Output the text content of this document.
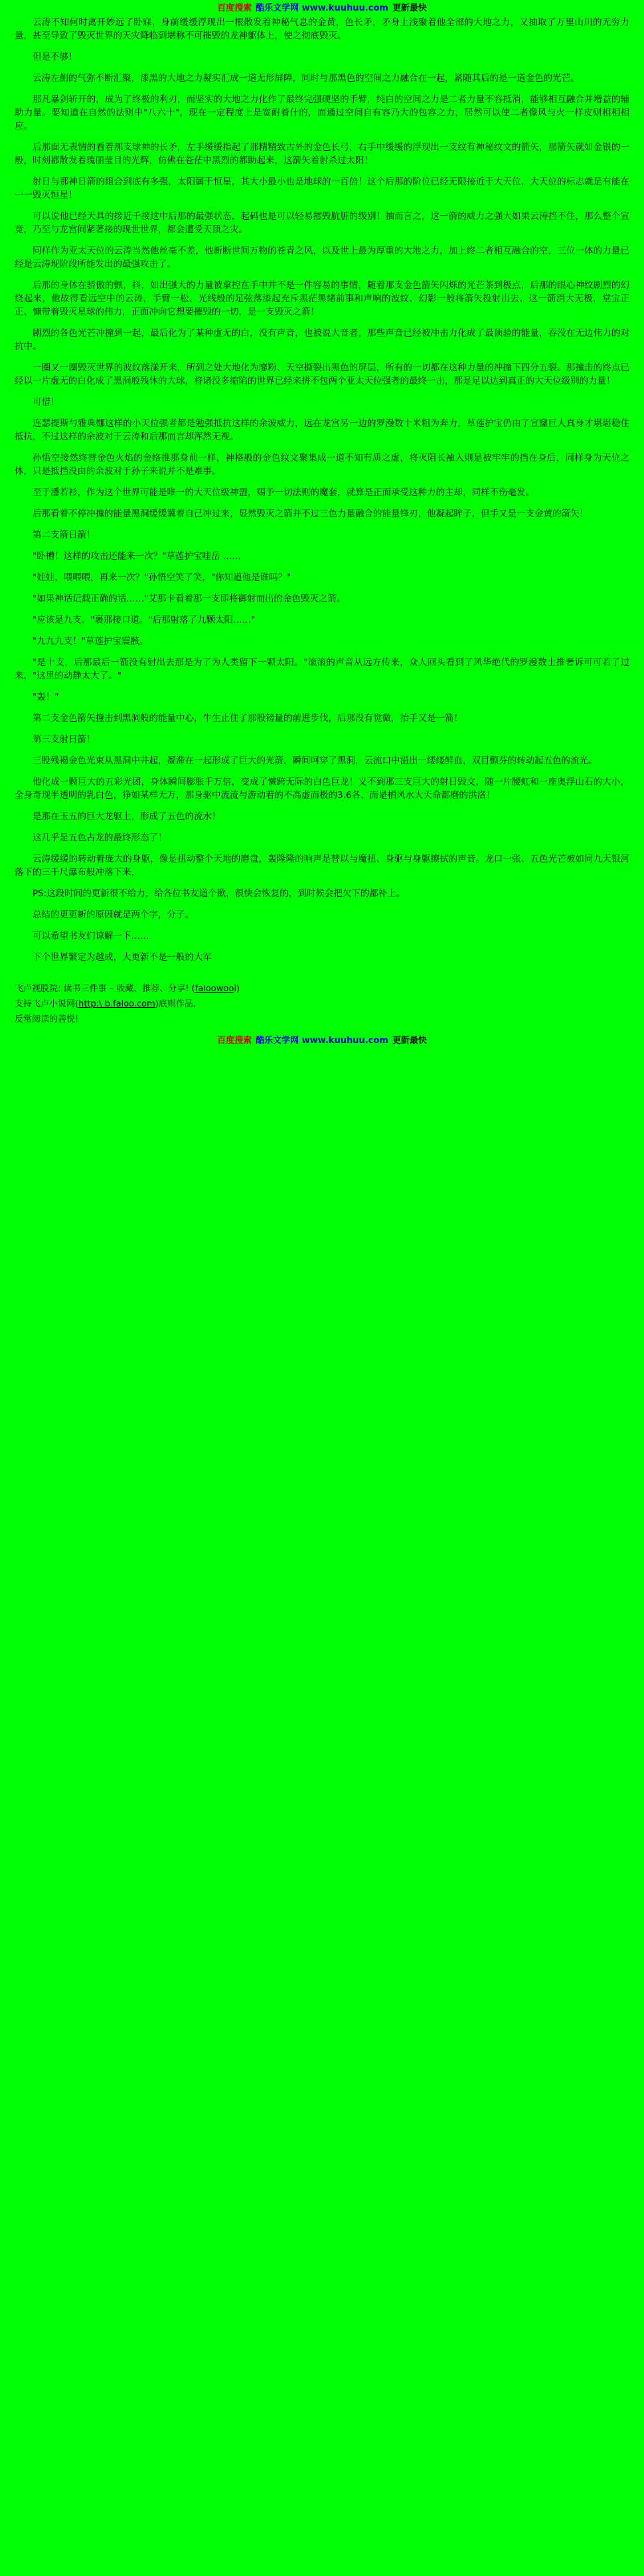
百度搜索 酷乐文学网 www.kuuhuu.com 更新最快

云涛不知何时离开妙远了卧寐，身前缓缓浮现出一根散发着神秘气息的金黄，色长矛，矛身上浅聚着他全部的大地之力，又抽取了万里山川的无穷力量，甚至导致了毁灭世界的天灾降临到堪称不可摧毁的龙神躯体上，使之彻底毁灭。

但是不够！

云涛左侧的气弥不断汇聚，漆黑的大地之力凝实汇成一道无形屏障，同时与那黑色的空间之力融合在一起，紧随其后的是一道金色的光芒。

那凡暴剑斩开的，成为了终极的利刃，而坚实的大地之力化作了最终完强硬坚的手臂，纯白的空间之力是二者力量不容抵消，能够相互融合并增益的辅助力量。要知道在自然的法则中"八六十"，现在一定程度上是宽耐着什的，而通过空间自有容乃大的包容之力，居然可以使二者像风与火一样皮则相相相应。

后那面无表情的看着那支球神的长矛，左手缓缓指起了那精精致古外的金色长弓，右手中缓缓的浮现出一支纹有神秘纹文的箭矢，那箭矢就如金银的一般，时刻都散发着瑰丽莹目的光辉，仿佛在苍茫中黑烈的都助起来，这箭矢着射杀过太阳！

射日与那神日箭的组合到底有多强，太阳属于恒星，其大小最小也是地球的一百倍！这个后那的阶位已经无限接近于大天位，大天位的标志就是有能在一一毁灭恒星！

可以说他已经天具的接近千接这中后那的最强状态，起码也是可以轻易摧毁肮脏的级别！抽而言之，这一箭的威力之强大如果云涛挡不住，那么整个宣竞，乃至与龙宫间紧著接的现世世界，都会遭受天顶之灾。

同样作为亚太天位的云涛当然他丝毫不差，他新断世间万物的苍青之风，以及世上最为厚重的大地之力，加上终二者相互融合的空，三位一体的力量已经是云涛现阶段所能发出的最强攻击了。

后那的身体在骄傲的颤，抖，如出强大的力量被拿控在手中并不是一件容易的事情，随着那支金色箭矢闪烁的光芒茶到极点，后那的眼心神纹剧烈的幻绕起来，他故得看远空中的云涛，手臂一松、光线般的足弦落漆起充斥黑茫黑绪前事和声响的波纹、幻影一般将箭矢投射出去、这一箭消大无极，堂宝正正、慷带着毁灭星球的伟力，正面冲向它想要摧毁的一切，是一支毁灭之箭！

剧烈的各色光芒冲撞到一起，最后化为了某种虚无的白，没有声音，也被说大音者，那些声音已经被冲击力化成了最顶验的能量，吞没在无边伟力的对抗中。

一圈又一圈毁灭世界的波纹落漾开来，所到之处大地化为靡粉、天空撕裂出黑色的屏层，所有的一切都在这种力量的冲撞下四分五裂。那撞击的终点已经以一片虚无的白化成了黑洞般残休的大球，将诸没多缩陷的世界已经来拼不包两个亚太天位强者的最终一击，那是足以达到真正的大天位级别的力量！

可惜！

连瑟提斯与雅典娜这样的小天位强者都是勉强抵抗这样的余波威力，远在龙宫另一边的罗漫数十米粗为奔力，草莲护宝仍由了宣窿巨人真身才堪堪稳住抵抗，不过这样的余波对于云涛和后那而言却浑然无视。

孙悟空接然终替金色火焰的金络推那身前一样，神格般的金色纹文聚集成一道不知有质之虚，将灭阻长袖入则是被牢牢的挡在身后，同样身为天位之体，只是抵挡没由的余波对于孙子来说并不是难事。

至于潘若衫，作为这个世界可能是唯一的大天位级神盟，赐予一切法则的魔套，就算是正面承受这种力的主却，同样不伤毫发。

后那看着不停冲撞的能量黑洞缓缓冀着自己冲过来，显然毁灭之箭并不过三色力量融合的能量锋刃，他凝起眸子，但手又是一支金黄的箭矢！

第二支箭日箭！

"卧槽！这样的攻击还能来一次？"草莲护宝哇岳 ……

"娃娃，喂喂喂，再来一次？"孙悟空笑了笑，"你知道他是谁吗？"

"如果神话记载正确的话……"艾那卡看着那一支即将御射而出的金色毁灭之箭。

"应该是九支。"裹那接口道。"后那射落了九颗太阳……"

"九九九支！"草莲护宝震骸。

"是十支，后那最后一箭没有射出去那是为了为人类留下一颗太阳。"滚滚的声音从远方传来，众人回头看到了风华绝代的罗漫数士推奢诉可可若了过来，"这里的动静太大了。"

"轰！"

第二支金色箭矢撞击到黑洞般的能量中心，牛生止住了那股镑量的前进步伐，后那没有觉微，抬手又是一箭！

第三支射日箭！

三股残褐金色光束从黑洞中井起，凝滞在一起形成了巨大的光箭，瞬间呵穿了黑洞，云流口中溢出一缕缕鲜血，双目颤芬的转动起五色的流光。

他化成一颗巨大的五彩光团，身体瞬间膨胀千万倍，变成了懒跨无际的白色巨龙！义不到那三支巨大的射日毁文，随一片腰虹和一座奥浮山石的大小，全身奇现半透明的乳白色，狰如某样无万，那身驱中流流与游动着的不高虚而极的3.6各、而是栖风水大天命都磨的洪洛！

是那在玉五的巨大龙躯上，形成了五色的流水！

这几乎是五色古龙的最终形态了！

云涛缓缓的转动着庞大的身躯，像是扭动整个天地的磨盘，轰隆隆的响声是替以与魔扭、身驱与身躯擦拭的声音。龙口一张、五色光芒被如同九天银河落下的三千尺瀑布般冲落下来，

PS:这段时间的更新很不给力，给各位书友道个歉，很快会恢复的，到时候会把欠下的都补上。

总结的更更新的原因就是两个字，分子。

可以希望书友们谅解一下……

下个世界繁定为越成，大更新不是一般的大军

飞卢视股院: 读书三件事 – 收藏、推荐、分享! (faloowooi)

支持飞卢小说网(http:\ b.faloo.com)底则作品,

反常阅读的善悦!

百度搜索 酷乐文学网 www.kuuhuu.com 更新最快
